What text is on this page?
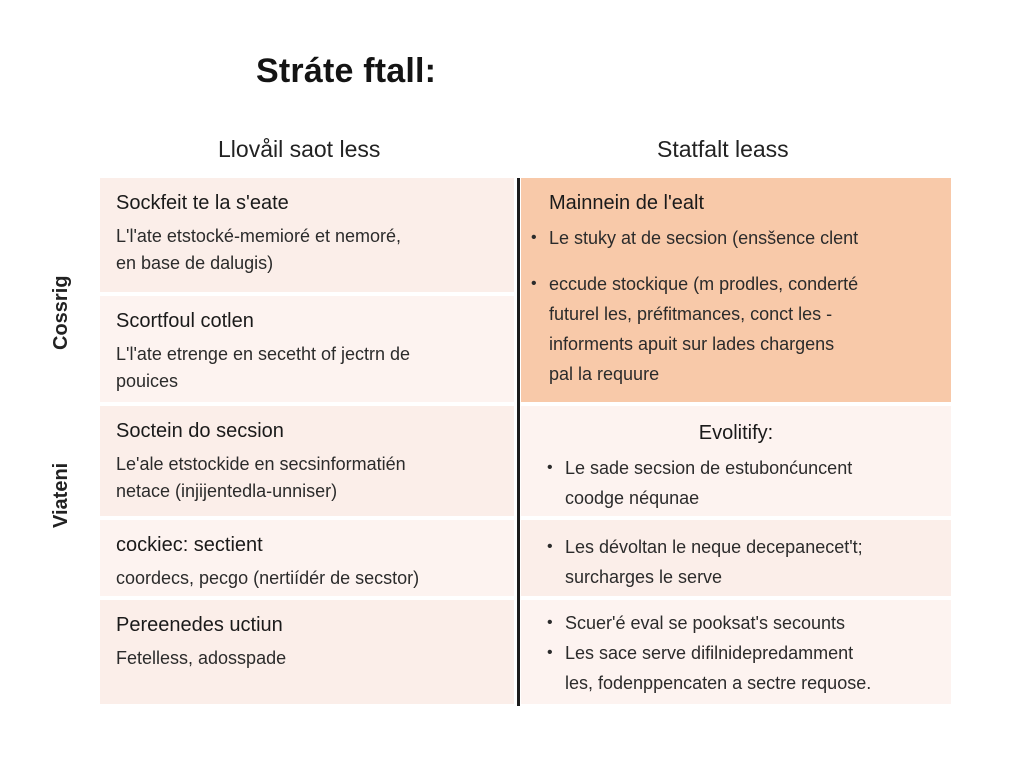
Stráte ftall:
Llovåil saot less	Statfalt leass
Cossrig
Viateni
Sockfeit te la s'eate
L'l'ate etstocké-memioré et nemoré,
en base de dalugis)
Scortfoul cotlen
L'l'ate etrenge en secetht of jectrn de
pouices
Soctein do secsion
Le'ale etstockide en secsinformatién
netace (injijentedla-unniser)
cockiec: sectient
coordecs, pecgo (nertiídér de secstor)
Pereenedes uctiun
Fetelless, adosspade
Mainnein de l'ealt
• Le stuky at de secsion (ensšence clent
• eccude stockique (m prodles, conderté
futurel les, préfitmances, conct les -
informents apuit sur lades chargens
pal la requure
Evolitify:
• Le sade secsion de estubonćuncent
coodge néqunae
• Les dévoltan le neque decepanecet't;
surcharges le serve
• Scuer'é eval se pooksat's secounts
• Les sace serve difilnidepredamment
les, fodenppencaten a sectre requose.
